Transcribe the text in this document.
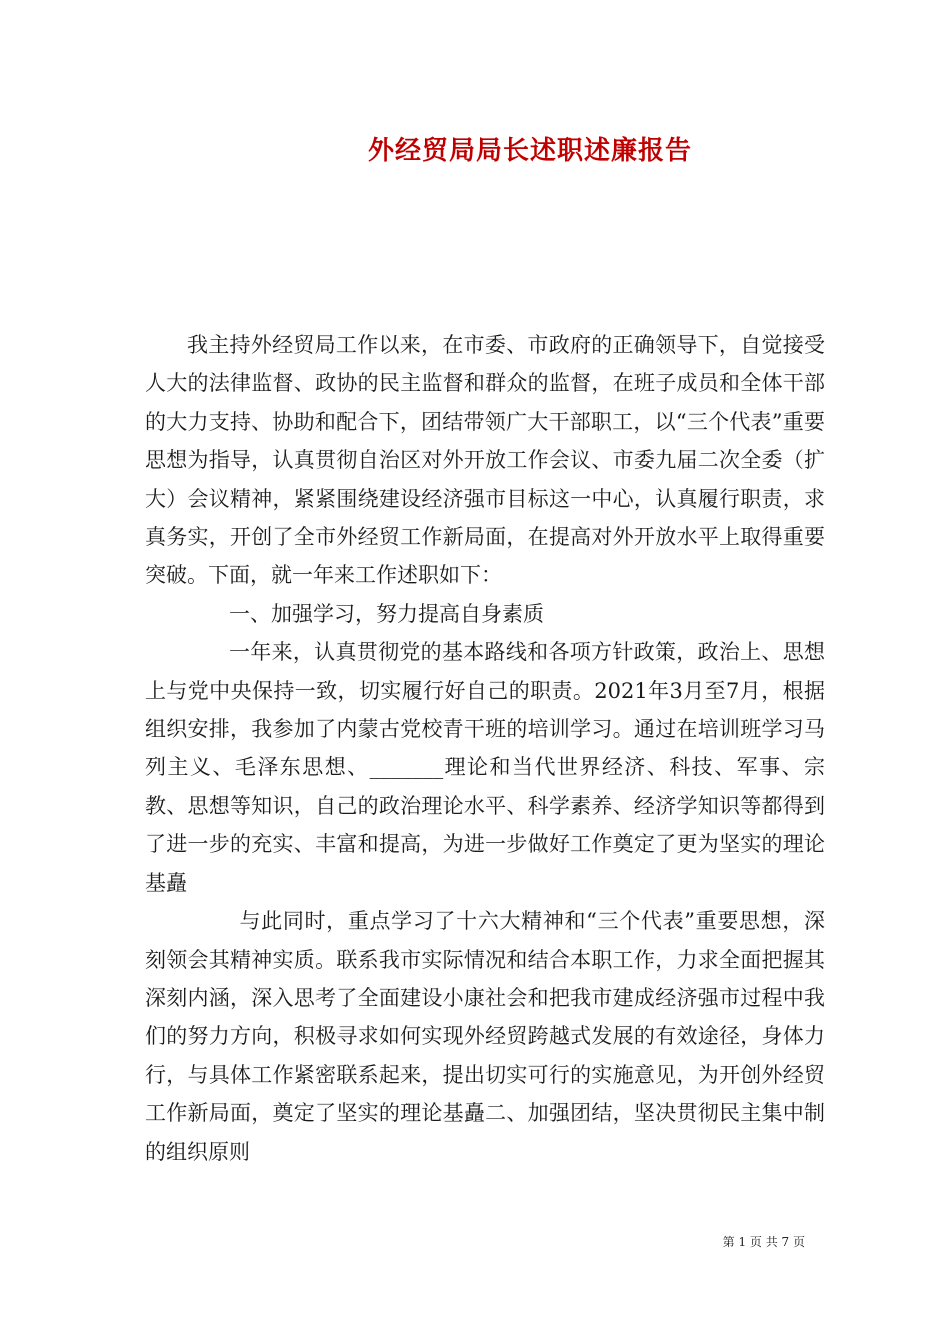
外经贸局局长述职述廉报告

我主持外经贸局工作以来，在市委、市政府的正确领导下，自觉接受人大的法律监督、政协的民主监督和群众的监督，在班子成员和全体干部的大力支持、协助和配合下，团结带领广大干部职工，以“三个代表”重要思想为指导，认真贯彻自治区对外开放工作会议、市委九届二次全委（扩大）会议精神，紧紧围绕建设经济强市目标这一中心，认真履行职责，求真务实，开创了全市外经贸工作新局面，在提高对外开放水平上取得重要突破。下面，就一年来工作述职如下：

一、加强学习，努力提高自身素质

一年来，认真贯彻党的基本路线和各项方针政策，政治上、思想上与党中央保持一致，切实履行好自己的职责。2021年3月至7月，根据组织安排，我参加了内蒙古党校青干班的培训学习。通过在培训班学习马列主义、毛泽东思想、_______理论和当代世界经济、科技、军事、宗教、思想等知识，自己的政治理论水平、科学素养、经济学知识等都得到了进一步的充实、丰富和提高，为进一步做好工作奠定了更为坚实的理论基矗

与此同时，重点学习了十六大精神和“三个代表”重要思想，深刻领会其精神实质。联系我市实际情况和结合本职工作，力求全面把握其深刻内涵，深入思考了全面建设小康社会和把我市建成经济强市过程中我们的努力方向，积极寻求如何实现外经贸跨越式发展的有效途径，身体力行，与具体工作紧密联系起来，提出切实可行的实施意见，为开创外经贸工作新局面，奠定了坚实的理论基矗二、加强团结，坚决贯彻民主集中制的组织原则

第 1 页 共 7 页
